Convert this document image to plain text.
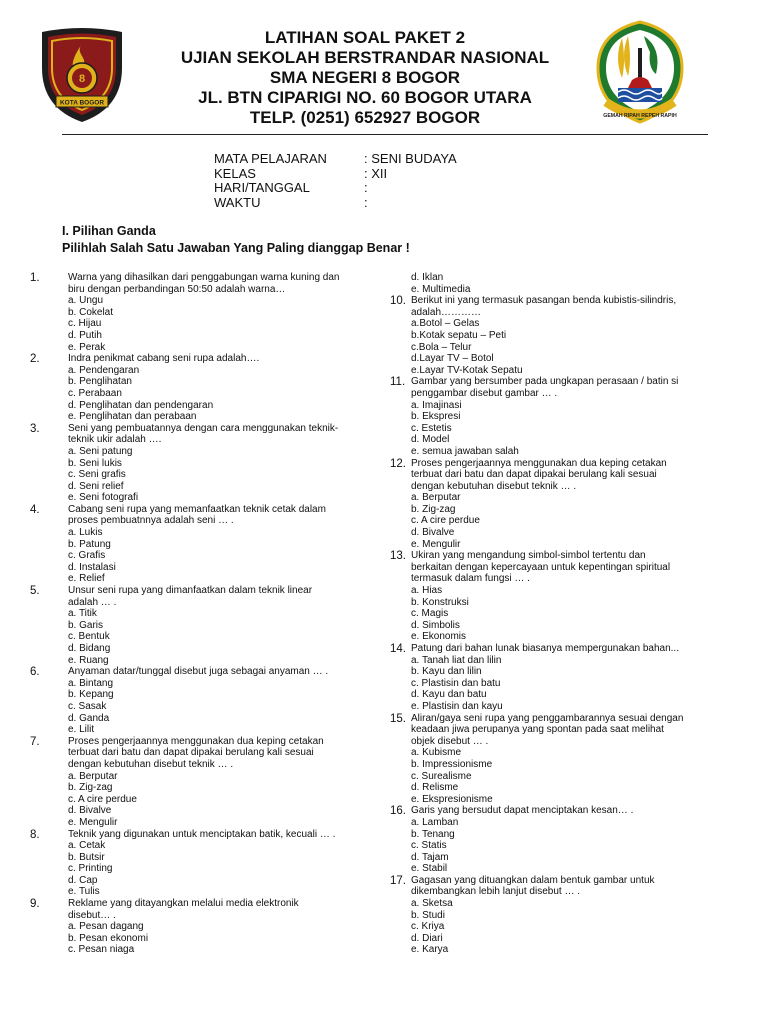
8
KOTA BOGOR
LATIHAN SOAL PAKET 2
UJIAN SEKOLAH BERSTRANDAR NASIONAL
SMA NEGERI 8 BOGOR
JL. BTN CIPARIGI NO. 60 BOGOR UTARA
TELP. (0251) 652927 BOGOR	GEMAH RIPAH REPEH RAPIH
MATA PELAJARAN	: SENI BUDAYA
KELAS	: XII
HARI/TANGGAL	:
WAKTU	:
I. Pilihan Ganda
Pilihlah Salah Satu Jawaban Yang Paling dianggap Benar !
1.	Warna yang dihasilkan dari penggabungan warna kuning dan
biru dengan perbandingan 50:50 adalah warna…
a. Ungu
b. Cokelat
c. Hijau
d. Putih
e. Perak
2.	Indra penikmat cabang seni rupa adalah….
a. Pendengaran
b. Penglihatan
c. Perabaan
d. Penglihatan dan pendengaran
e. Penglihatan dan perabaan
3.	Seni yang pembuatannya dengan cara menggunakan teknik-
teknik ukir adalah ….
a. Seni patung
b. Seni lukis
c. Seni grafis
d. Seni relief
e. Seni fotografi
4.	Cabang seni rupa yang memanfaatkan teknik cetak dalam
proses pembuatnnya adalah seni … .
a. Lukis
b. Patung
c. Grafis
d. Instalasi
e. Relief
5.	Unsur seni rupa yang dimanfaatkan dalam teknik linear
adalah … .
a. Titik
b. Garis
c. Bentuk
d. Bidang
e. Ruang
6.	Anyaman datar/tunggal disebut juga sebagai anyaman … .
a. Bintang
b. Kepang
c. Sasak
d. Ganda
e. Lilit
7.	Proses pengerjaannya menggunakan dua keping cetakan
terbuat dari batu dan dapat dipakai berulang kali sesuai
dengan kebutuhan disebut teknik … .
a. Berputar
b. Zig-zag
c. A cire perdue
d. Bivalve
e. Mengulir
8.	Teknik yang digunakan untuk menciptakan batik, kecuali … .
a. Cetak
b. Butsir
c. Printing
d. Cap
e. Tulis
9.	Reklame yang ditayangkan melalui media elektronik
disebut… .
a. Pesan dagang
b. Pesan ekonomi
c. Pesan niaga
d. Iklan
e. Multimedia
10. Berikut ini yang termasuk pasangan benda kubistis-silindris,
adalah…………
a.Botol – Gelas
b.Kotak sepatu – Peti
c.Bola – Telur
d.Layar TV – Botol
e.Layar TV-Kotak Sepatu
11. Gambar yang bersumber pada ungkapan perasaan / batin si
penggambar disebut gambar … .
a. Imajinasi
b. Ekspresi
c. Estetis
d. Model
e. semua jawaban salah
12. Proses pengerjaannya menggunakan dua keping cetakan
terbuat dari batu dan dapat dipakai berulang kali sesuai
dengan kebutuhan disebut teknik … .
a. Berputar
b. Zig-zag
c. A cire perdue
d. Bivalve
e. Mengulir
13. Ukiran yang mengandung simbol-simbol tertentu dan
berkaitan dengan kepercayaan untuk kepentingan spiritual
termasuk dalam fungsi … .
a. Hias
b. Konstruksi
c. Magis
d. Simbolis
e. Ekonomis
14. Patung dari bahan lunak biasanya mempergunakan bahan...
a. Tanah liat dan lilin
b. Kayu dan lilin
c. Plastisin dan batu
d. Kayu dan batu
e. Plastisin dan kayu
15. Aliran/gaya seni rupa yang penggambarannya sesuai dengan
keadaan jiwa perupanya yang spontan pada saat melihat
objek disebut … .
a. Kubisme
b. Impressionisme
c. Surealisme
d. Relisme
e. Ekspresionisme
16. Garis yang bersudut dapat menciptakan kesan… .
a. Lamban
b. Tenang
c. Statis
d. Tajam
e. Stabil
17. Gagasan yang dituangkan dalam bentuk gambar untuk
dikembangkan lebih lanjut disebut … .
a. Sketsa
b. Studi
c. Kriya
d. Diari
e. Karya
